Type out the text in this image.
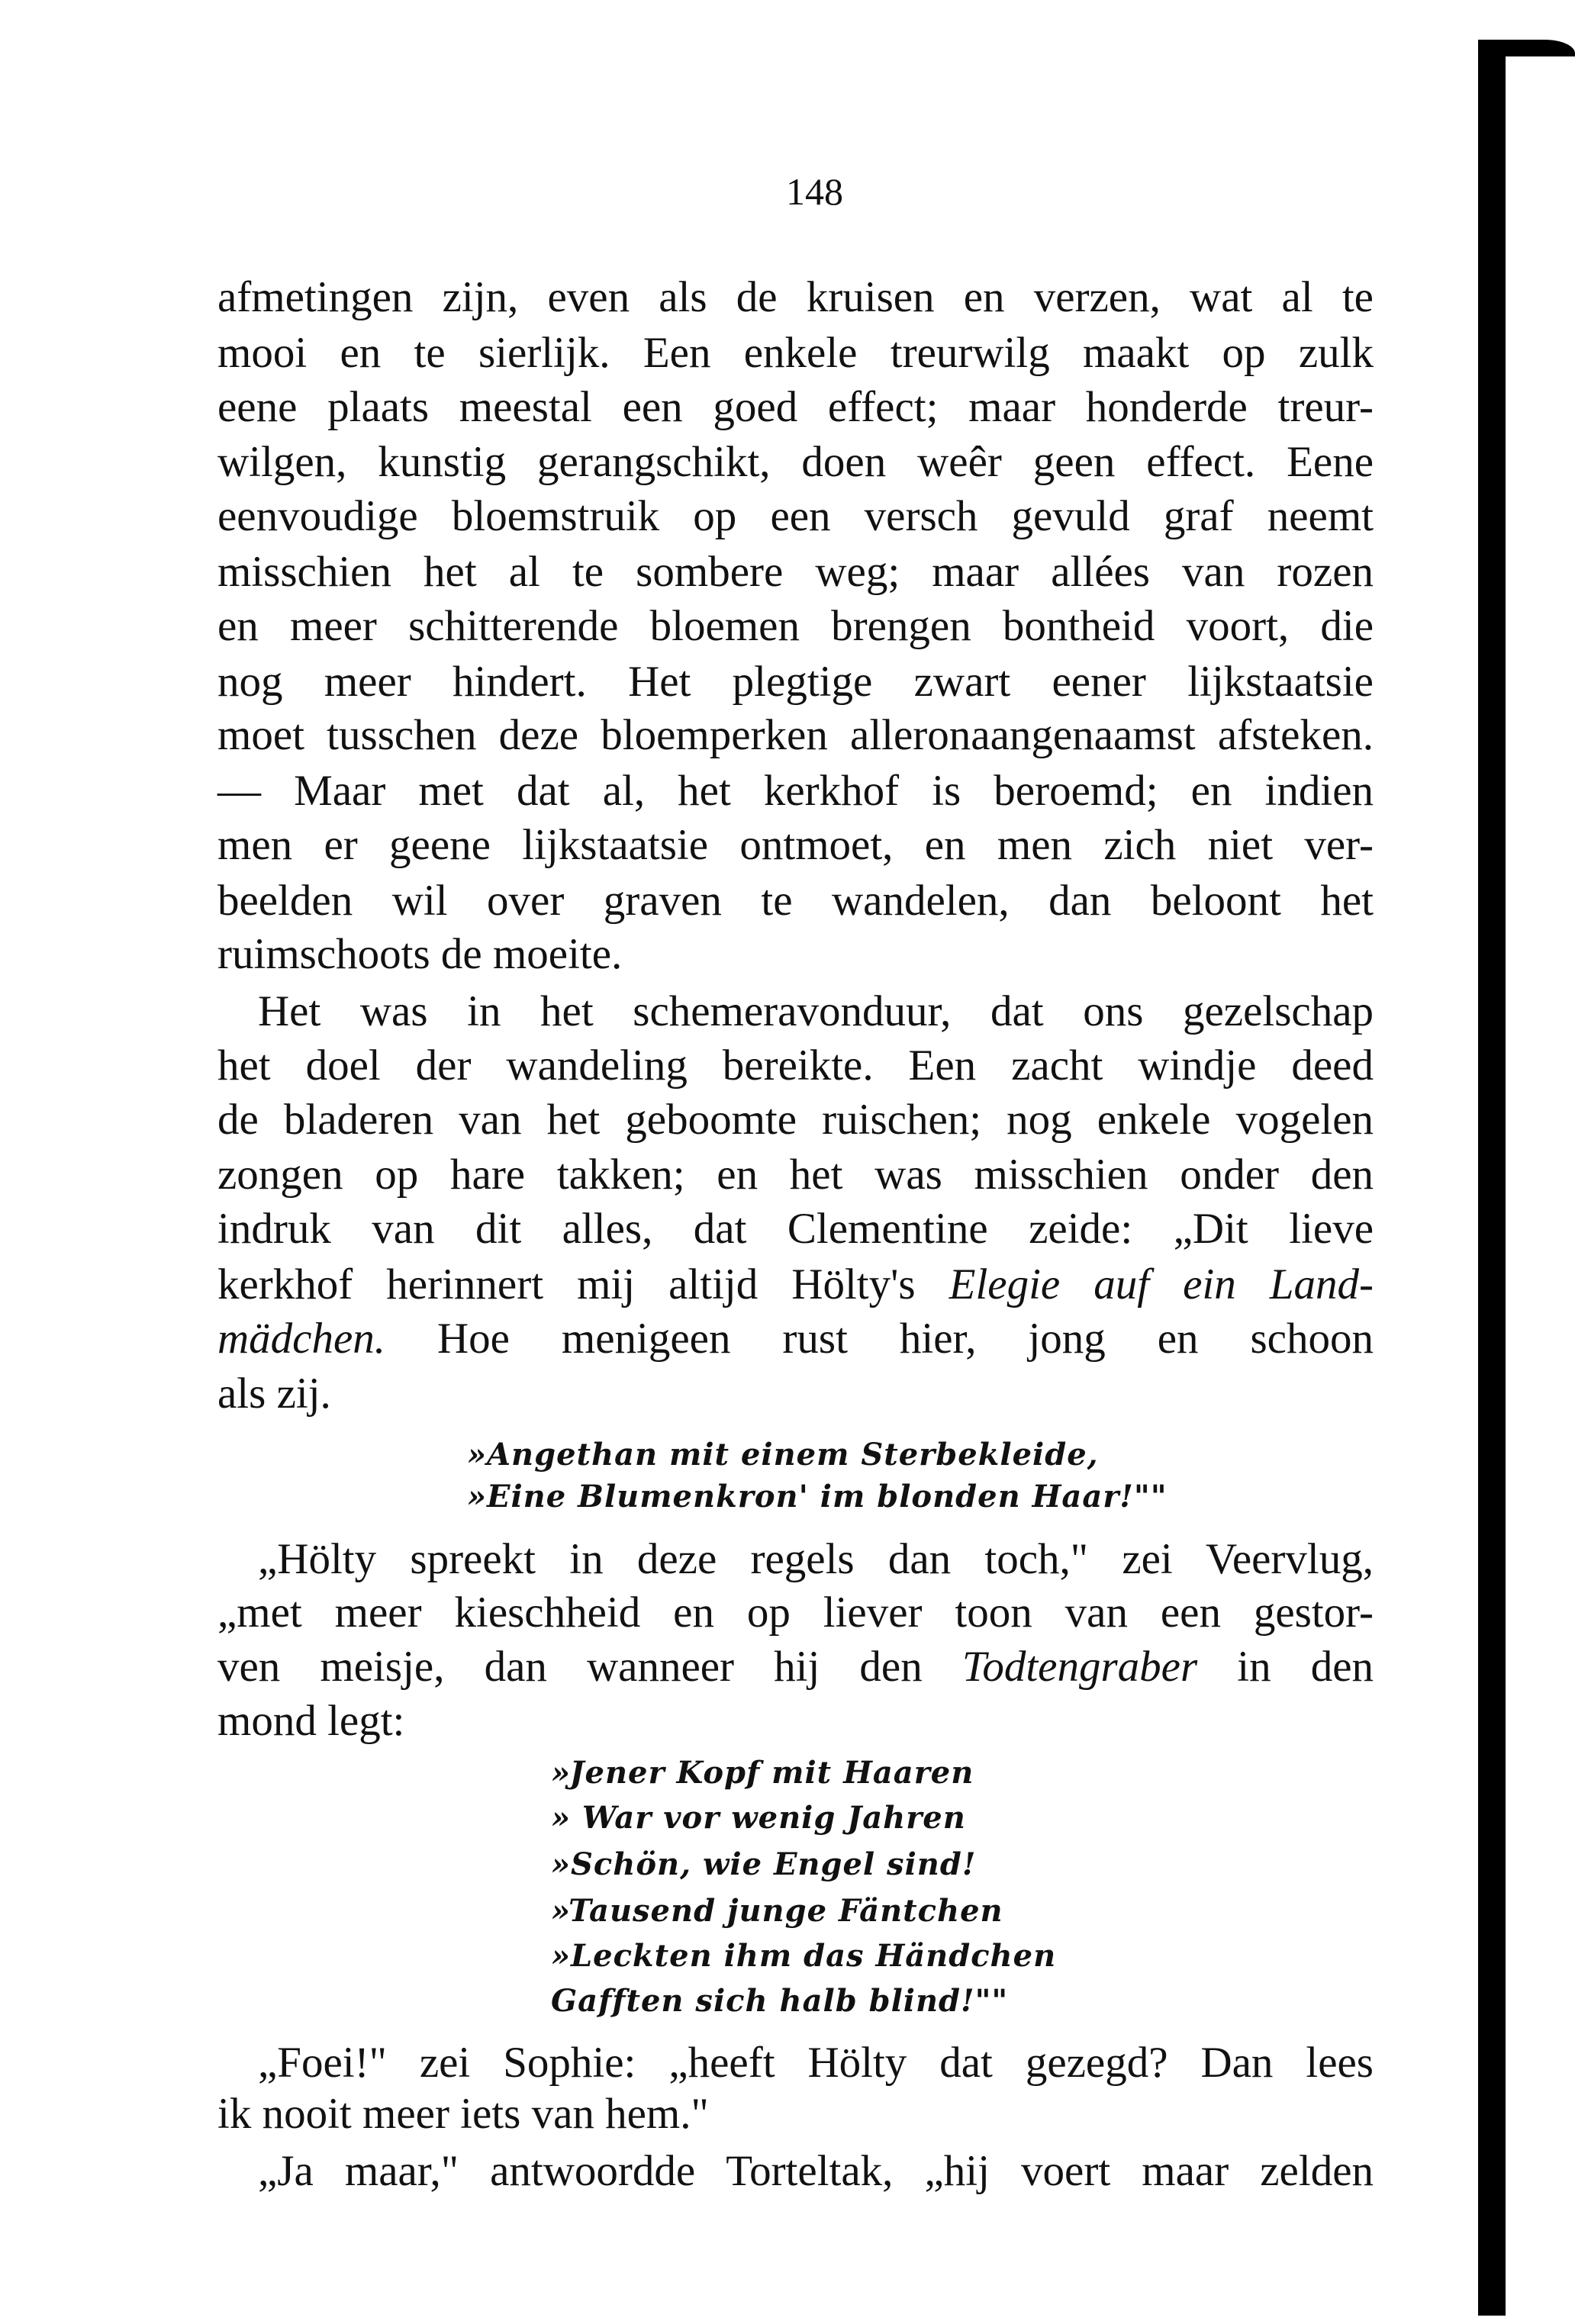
148
afmetingen zijn, even als de kruisen en verzen, wat al te
mooi en te sierlijk. Een enkele treurwilg maakt op zulk
eene plaats meestal een goed effect; maar honderde treur-
wilgen, kunstig gerangschikt, doen weêr geen effect. Eene
eenvoudige bloemstruik op een versch gevuld graf neemt
misschien het al te sombere weg; maar allées van rozen
en meer schitterende bloemen brengen bontheid voort, die
nog meer hindert. Het plegtige zwart eener lijkstaatsie
moet tusschen deze bloemperken alleronaangenaamst afsteken.
— Maar met dat al, het kerkhof is beroemd; en indien
men er geene lijkstaatsie ontmoet, en men zich niet ver-
beelden wil over graven te wandelen, dan beloont het
ruimschoots de moeite.
Het was in het schemeravonduur, dat ons gezelschap
het doel der wandeling bereikte. Een zacht windje deed
de bladeren van het geboomte ruischen; nog enkele vogelen
zongen op hare takken; en het was misschien onder den
indruk van dit alles, dat Clementine zeide: „Dit lieve
kerkhof herinnert mij altijd Hölty's Elegie auf ein Land-
mädchen. Hoe menigeen rust hier, jong en schoon
als zij.
„Hölty spreekt in deze regels dan toch," zei Veervlug,
„met meer kieschheid en op liever toon van een gestor-
ven meisje, dan wanneer hij den Todtengraber in den
mond legt:
„Foei!" zei Sophie: „heeft Hölty dat gezegd? Dan lees
ik nooit meer iets van hem."
„Ja maar," antwoordde Torteltak, „hij voert maar zelden
»Angethan mit einem Sterbekleide,
»Eine Blumenkron' im blonden Haar!""
»Jener Kopf mit Haaren
» War vor wenig Jahren
»Schön, wie Engel sind!
»Tausend junge Fäntchen
»Leckten ihm das Händchen
Gafften sich halb blind!""
